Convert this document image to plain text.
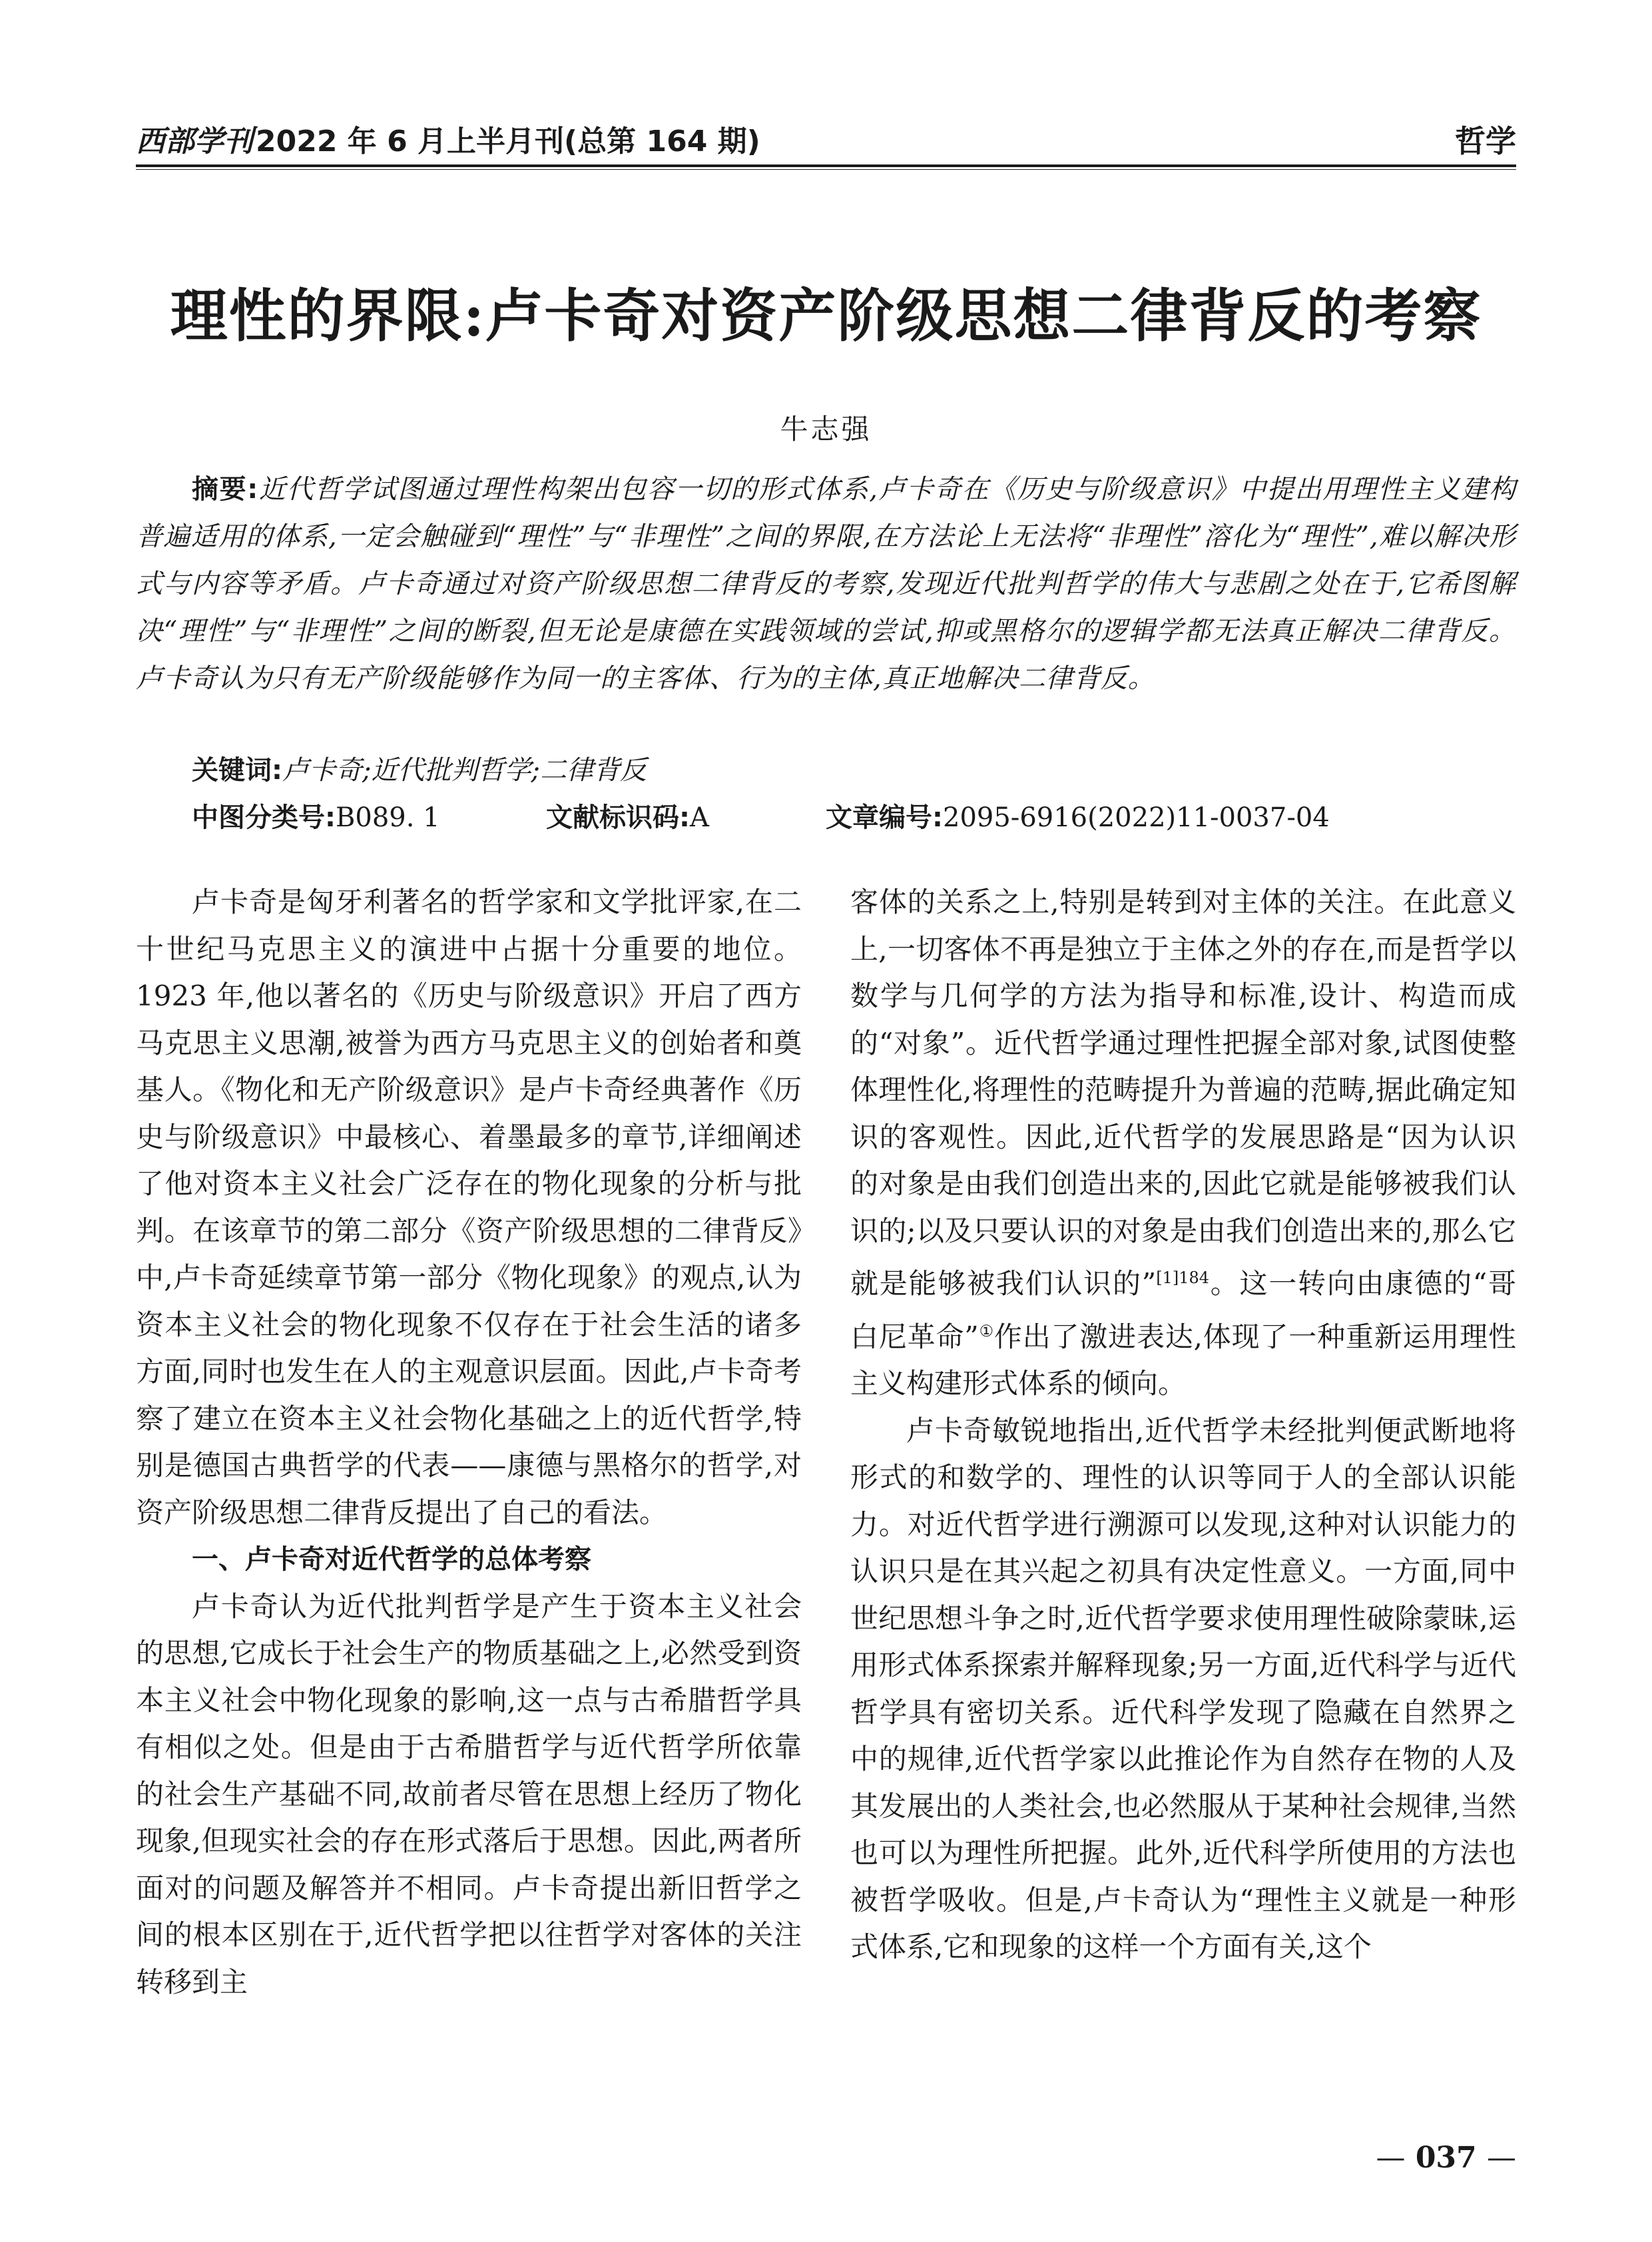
西部学刊2022 年 6 月上半月刊(总第 164 期)	哲学
理性的界限:卢卡奇对资产阶级思想二律背反的考察
牛志强
摘要:近代哲学试图通过理性构架出包容一切的形式体系,卢卡奇在《历史与阶级意识》中提出用理性主义建构普遍适用的体系,一定会触碰到“理性”与“非理性”之间的界限,在方法论上无法将“非理性”溶化为“理性”,难以解决形式与内容等矛盾。卢卡奇通过对资产阶级思想二律背反的考察,发现近代批判哲学的伟大与悲剧之处在于,它希图解决“理性”与“非理性”之间的断裂,但无论是康德在实践领域的尝试,抑或黑格尔的逻辑学都无法真正解决二律背反。卢卡奇认为只有无产阶级能够作为同一的主客体、行为的主体,真正地解决二律背反。
关键词:卢卡奇;近代批判哲学;二律背反
中图分类号:B089. 1	文献标识码:A	文章编号:2095-6916(2022)11-0037-04

卢卡奇是匈牙利著名的哲学家和文学批评家,在二十世纪马克思主义的演进中占据十分重要的地位。1923 年,他以著名的《历史与阶级意识》开启了西方马克思主义思潮,被誉为西方马克思主义的创始者和奠基人。《物化和无产阶级意识》是卢卡奇经典著作《历史与阶级意识》中最核心、着墨最多的章节,详细阐述了他对资本主义社会广泛存在的物化现象的分析与批判。在该章节的第二部分《资产阶级思想的二律背反》中,卢卡奇延续章节第一部分《物化现象》的观点,认为资本主义社会的物化现象不仅存在于社会生活的诸多方面,同时也发生在人的主观意识层面。因此,卢卡奇考察了建立在资本主义社会物化基础之上的近代哲学,特别是德国古典哲学的代表——康德与黑格尔的哲学,对资产阶级思想二律背反提出了自己的看法。

一、卢卡奇对近代哲学的总体考察

卢卡奇认为近代批判哲学是产生于资本主义社会的思想,它成长于社会生产的物质基础之上,必然受到资本主义社会中物化现象的影响,这一点与古希腊哲学具有相似之处。但是由于古希腊哲学与近代哲学所依靠的社会生产基础不同,故前者尽管在思想上经历了物化现象,但现实社会的存在形式落后于思想。因此,两者所面对的问题及解答并不相同。卢卡奇提出新旧哲学之间的根本区别在于,近代哲学把以往哲学对客体的关注转移到主

客体的关系之上,特别是转到对主体的关注。在此意义上,一切客体不再是独立于主体之外的存在,而是哲学以数学与几何学的方法为指导和标准,设计、构造而成的“对象”。近代哲学通过理性把握全部对象,试图使整体理性化,将理性的范畴提升为普遍的范畴,据此确定知识的客观性。因此,近代哲学的发展思路是“因为认识的对象是由我们创造出来的,因此它就是能够被我们认识的;以及只要认识的对象是由我们创造出来的,那么它就是能够被我们认识的”$^{[1]184}$。这一转向由康德的“哥白尼革命”①作出了激进表达,体现了一种重新运用理性主义构建形式体系的倾向。

卢卡奇敏锐地指出,近代哲学未经批判便武断地将形式的和数学的、理性的认识等同于人的全部认识能力。对近代哲学进行溯源可以发现,这种对认识能力的认识只是在其兴起之初具有决定性意义。一方面,同中世纪思想斗争之时,近代哲学要求使用理性破除蒙昧,运用形式体系探索并解释现象;另一方面,近代科学与近代哲学具有密切关系。近代科学发现了隐藏在自然界之中的规律,近代哲学家以此推论作为自然存在物的人及其发展出的人类社会,也必然服从于某种社会规律,当然也可以为理性所把握。此外,近代科学所使用的方法也被哲学吸收。但是,卢卡奇认为“理性主义就是一种形式体系,它和现象的这样一个方面有关,这个

— 037 —
